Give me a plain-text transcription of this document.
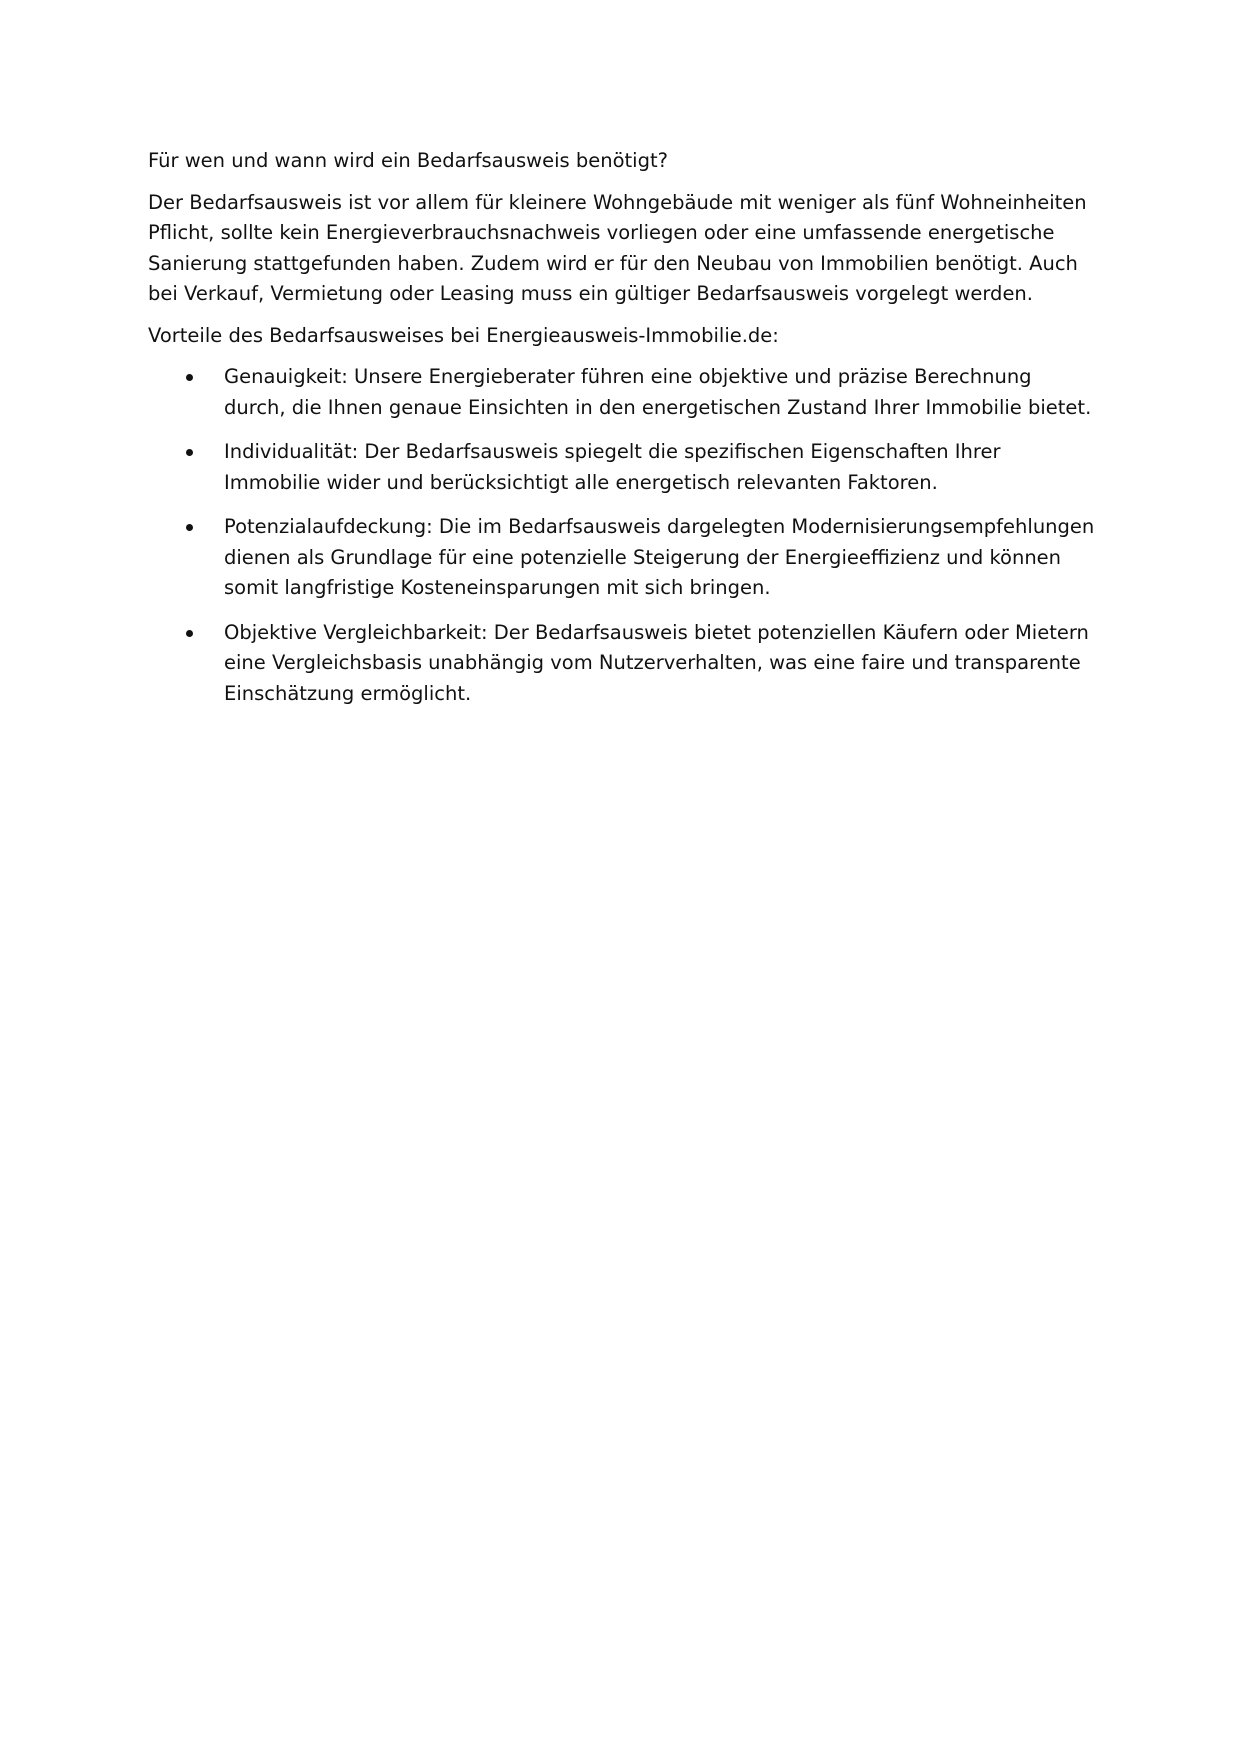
Für wen und wann wird ein Bedarfsausweis benötigt?

Der Bedarfsausweis ist vor allem für kleinere Wohngebäude mit weniger als fünf Wohneinheiten Pflicht, sollte kein Energieverbrauchsnachweis vorliegen oder eine umfassende energetische Sanierung stattgefunden haben. Zudem wird er für den Neubau von Immobilien benötigt. Auch bei Verkauf, Vermietung oder Leasing muss ein gültiger Bedarfsausweis vorgelegt werden.

Vorteile des Bedarfsausweises bei Energieausweis-Immobilie.de:

Genauigkeit: Unsere Energieberater führen eine objektive und präzise Berechnung durch, die Ihnen genaue Einsichten in den energetischen Zustand Ihrer Immobilie bietet.
Individualität: Der Bedarfsausweis spiegelt die spezifischen Eigenschaften Ihrer Immobilie wider und berücksichtigt alle energetisch relevanten Faktoren.
Potenzialaufdeckung: Die im Bedarfsausweis dargelegten Modernisierungsempfehlungen dienen als Grundlage für eine potenzielle Steigerung der Energieeffizienz und können somit langfristige Kosteneinsparungen mit sich bringen.
Objektive Vergleichbarkeit: Der Bedarfsausweis bietet potenziellen Käufern oder Mietern eine Vergleichsbasis unabhängig vom Nutzerverhalten, was eine faire und transparente Einschätzung ermöglicht.
